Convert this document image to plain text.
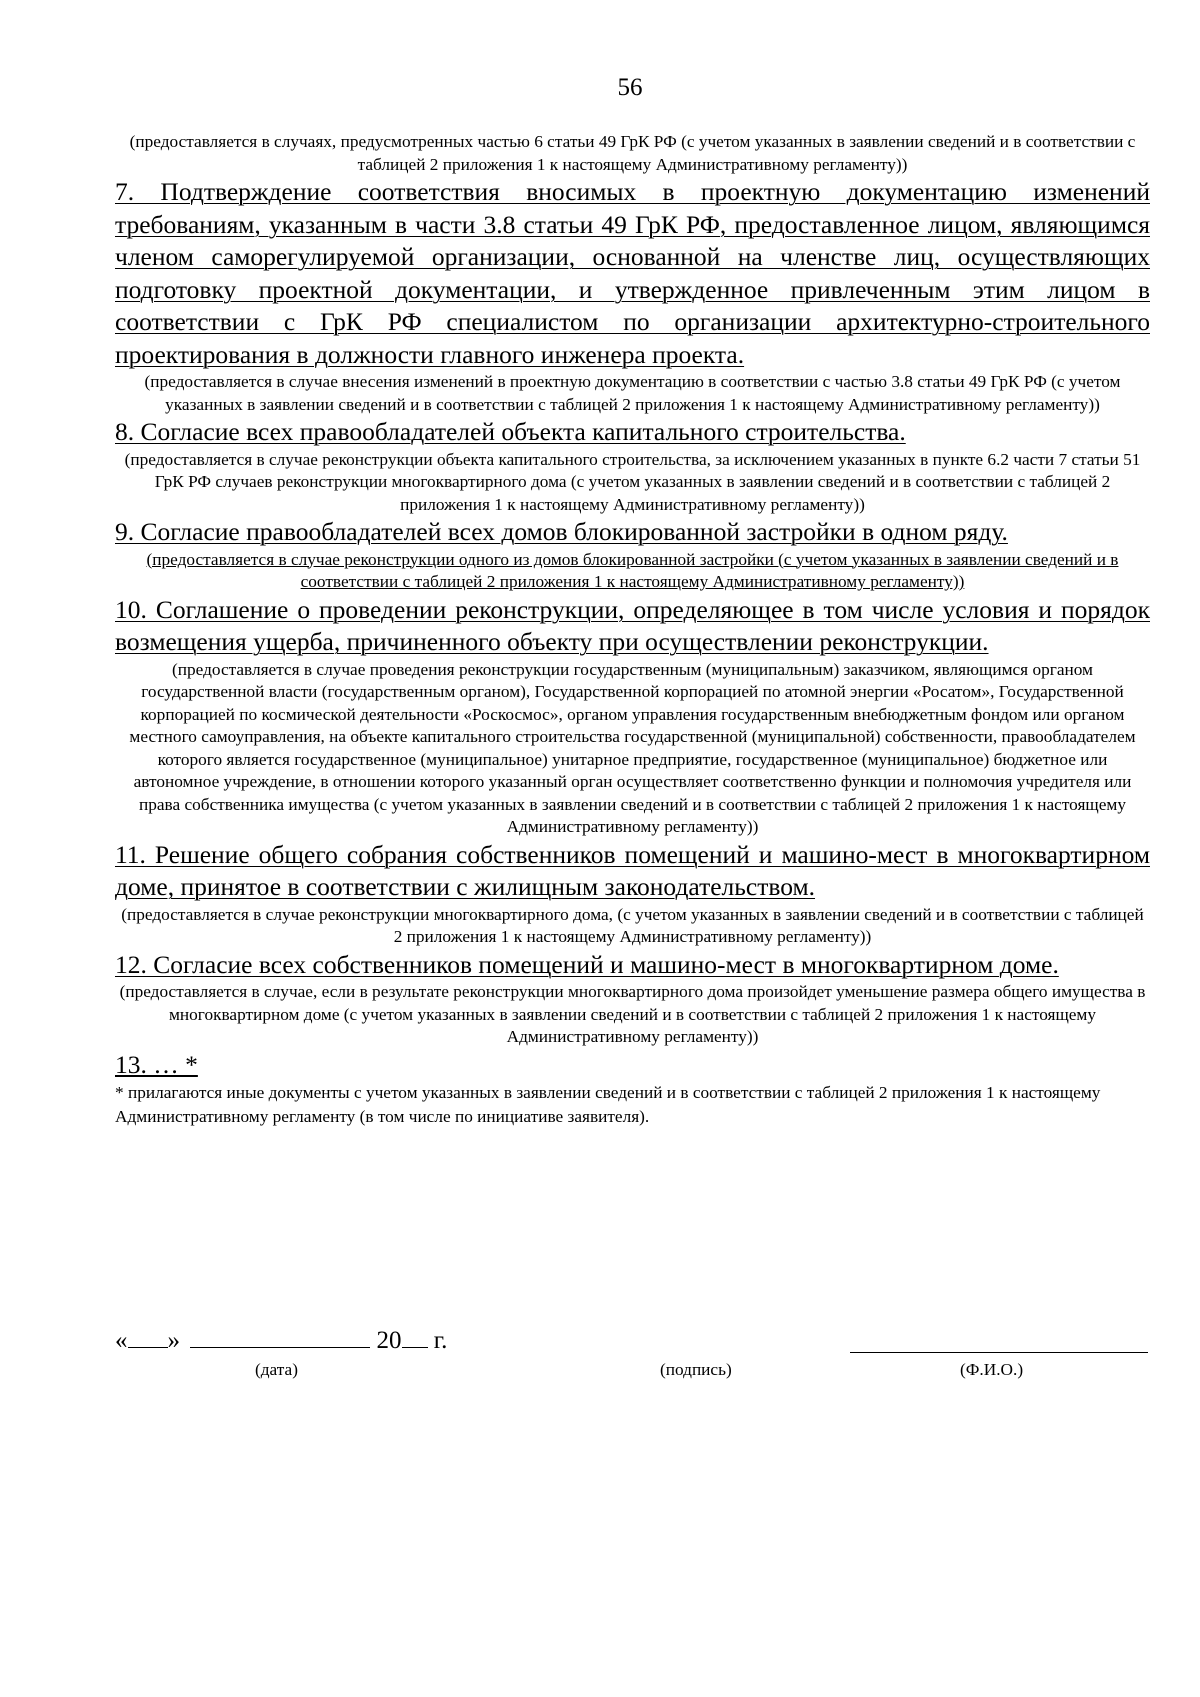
56

(предоставляется в случаях, предусмотренных частью 6 статьи 49 ГрК РФ (с учетом указанных в заявлении сведений и в соответствии с таблицей 2 приложения 1 к настоящему Административному регламенту))

7. Подтверждение соответствия вносимых в проектную документацию изменений требованиям, указанным в части 3.8 статьи 49 ГрК РФ, предоставленное лицом, являющимся членом саморегулируемой организации, основанной на членстве лиц, осуществляющих подготовку проектной документации, и утвержденное привлеченным этим лицом в соответствии с ГрК РФ специалистом по организации архитектурно-строительного проектирования в должности главного инженера проекта.

(предоставляется в случае внесения изменений в проектную документацию в соответствии с частью 3.8 статьи 49 ГрК РФ (с учетом указанных в заявлении сведений и в соответствии с таблицей 2 приложения 1 к настоящему Административному регламенту))

8. Согласие всех правообладателей объекта капитального строительства.

(предоставляется в случае реконструкции объекта капитального строительства, за исключением указанных в пункте 6.2 части 7 статьи 51 ГрК РФ случаев реконструкции многоквартирного дома (с учетом указанных в заявлении сведений и в соответствии с таблицей 2 приложения 1 к настоящему Административному регламенту))

9. Согласие правообладателей всех домов блокированной застройки в одном ряду.

(предоставляется в случае реконструкции одного из домов блокированной застройки (с учетом указанных в заявлении сведений и в соответствии с таблицей 2 приложения 1 к настоящему Административному регламенту))

10. Соглашение о проведении реконструкции, определяющее в том числе условия и порядок возмещения ущерба, причиненного объекту при осуществлении реконструкции.

(предоставляется в случае проведения реконструкции государственным (муниципальным) заказчиком, являющимся органом государственной власти (государственным органом), Государственной корпорацией по атомной энергии «Росатом», Государственной корпорацией по космической деятельности «Роскосмос», органом управления государственным внебюджетным фондом или органом местного самоуправления, на объекте капитального строительства государственной (муниципальной) собственности, правообладателем которого является государственное (муниципальное) унитарное предприятие, государственное (муниципальное) бюджетное или автономное учреждение, в отношении которого указанный орган осуществляет соответственно функции и полномочия учредителя или права собственника имущества (с учетом указанных в заявлении сведений и в соответствии с таблицей 2 приложения 1 к настоящему Административному регламенту))

11. Решение общего собрания собственников помещений и машино-мест в многоквартирном доме, принятое в соответствии с жилищным законодательством.

(предоставляется в случае реконструкции многоквартирного дома, (с учетом указанных в заявлении сведений и в соответствии с таблицей 2 приложения 1 к настоящему Административному регламенту))

12. Согласие всех собственников помещений и машино-мест в многоквартирном доме.

(предоставляется в случае, если в результате реконструкции многоквартирного дома произойдет уменьшение размера общего имущества в многоквартирном доме (с учетом указанных в заявлении сведений и в соответствии с таблицей 2 приложения 1 к настоящему Административному регламенту))

13. … *

* прилагаются иные документы с учетом указанных в заявлении сведений и в соответствии с таблицей 2 приложения 1 к настоящему Административному регламенту (в том числе по инициативе заявителя).

« »	20 г.
(дата)	(подпись)	(Ф.И.О.)
